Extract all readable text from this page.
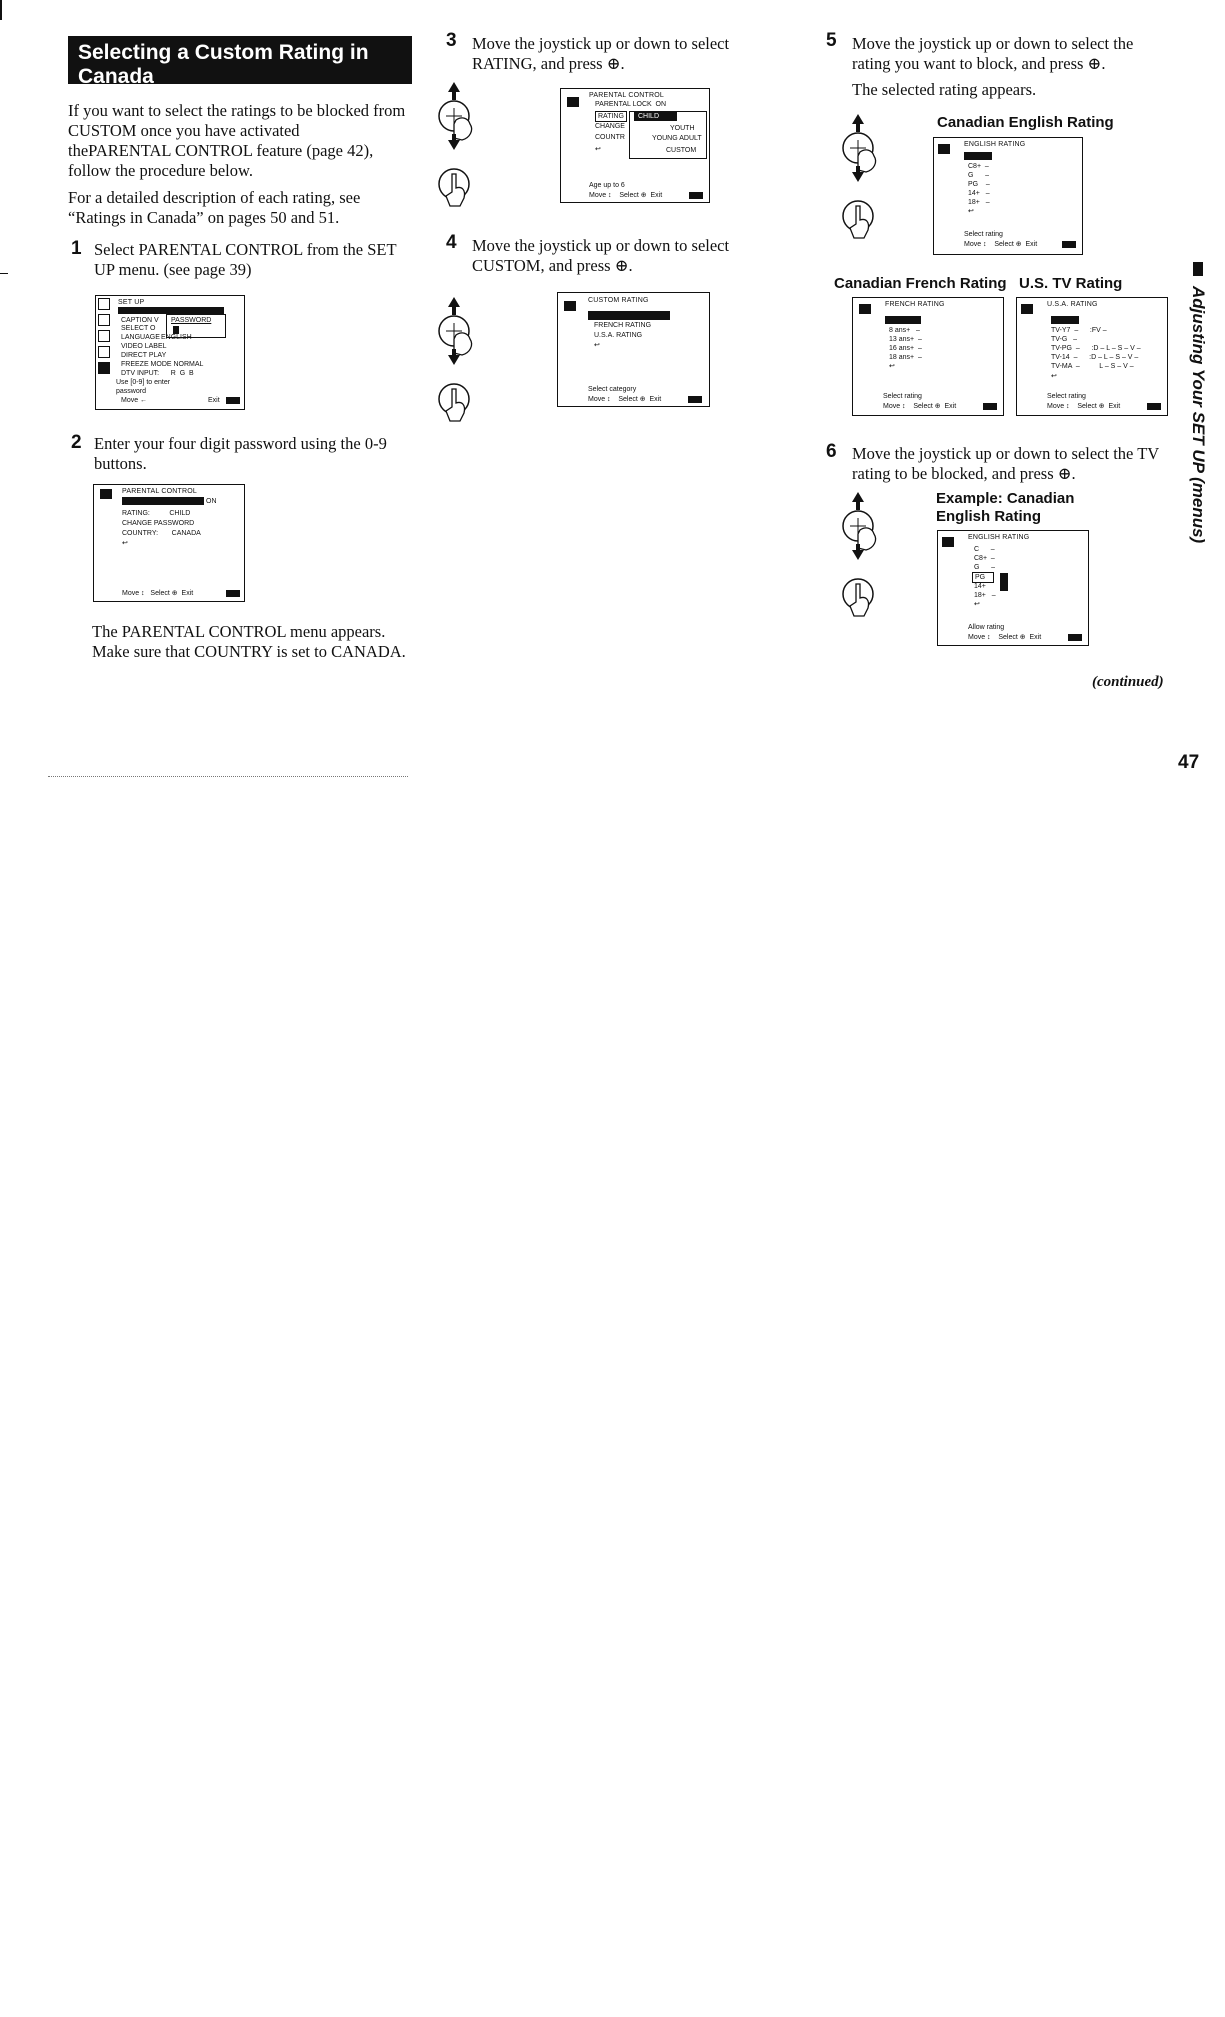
Selecting a Custom Rating in
Canada
If you want to select the ratings to be blocked from
CUSTOM once you have activated
thePARENTAL CONTROL feature (page 42),
follow the procedure below.
For a detailed description of each rating, see
“Ratings in Canada” on pages 50 and 51.
1 Select PARENTAL CONTROL from the SET
UP menu. (see page 39)
SET UP
CAPTION V PASSWORD
SELECT O
LANGUAGE ENGLISH
VIDEO LABEL
DIRECT PLAY
FREEZE MODE NORMAL
DTV INPUT:      R  G  B
Use [0-9] to enter
password
Move ←	Exit
2 Enter your four digit password using the 0-9
buttons.
PARENTAL CONTROL
ON
RATING:          CHILD
CHANGE PASSWORD
COUNTRY:       CANADA
↩
Move ↕   Select ⊕  Exit
The PARENTAL CONTROL menu appears.
Make sure that COUNTRY is set to CANADA.
3 Move the joystick up or down to select
RATING, and press ⊕.
PARENTAL CONTROL
PARENTAL LOCK  ON
RATING
CHANGE
COUNTR
↩
CHILD
YOUTH
YOUNG ADULT
CUSTOM
Age up to 6
Move ↕    Select ⊕  Exit
4 Move the joystick up or down to select
CUSTOM, and press ⊕.
CUSTOM RATING
FRENCH RATING
U.S.A. RATING
↩
Select category
Move ↕    Select ⊕  Exit
5 Move the joystick up or down to select the
rating you want to block, and press ⊕.
The selected rating appears.
Canadian English Rating
ENGLISH RATING
C8+  –
G      –
PG    –
14+   –
18+   –
↩
Select rating
Move ↕    Select ⊕  Exit
Canadian French Rating U.S. TV Rating
FRENCH RATING
8 ans+   –
13 ans+  –
16 ans+  –
18 ans+  –
↩
Select rating
Move ↕    Select ⊕  Exit
U.S.A. RATING
TV-Y7  –      :FV –
TV-G   –
TV-PG  –      :D – L – S – V –
TV-14  –      :D – L – S – V –
TV-MA  –          L – S – V –
↩
Select rating
Move ↕    Select ⊕  Exit
6 Move the joystick up or down to select the TV
rating to be blocked, and press ⊕.
Example: Canadian
English Rating
ENGLISH RATING
C      –
C8+  –
G      –
PG
14+
18+   –
↩
Allow rating
Move ↕    Select ⊕  Exit
(continued)
47
Adjusting Your SET UP (menus)
